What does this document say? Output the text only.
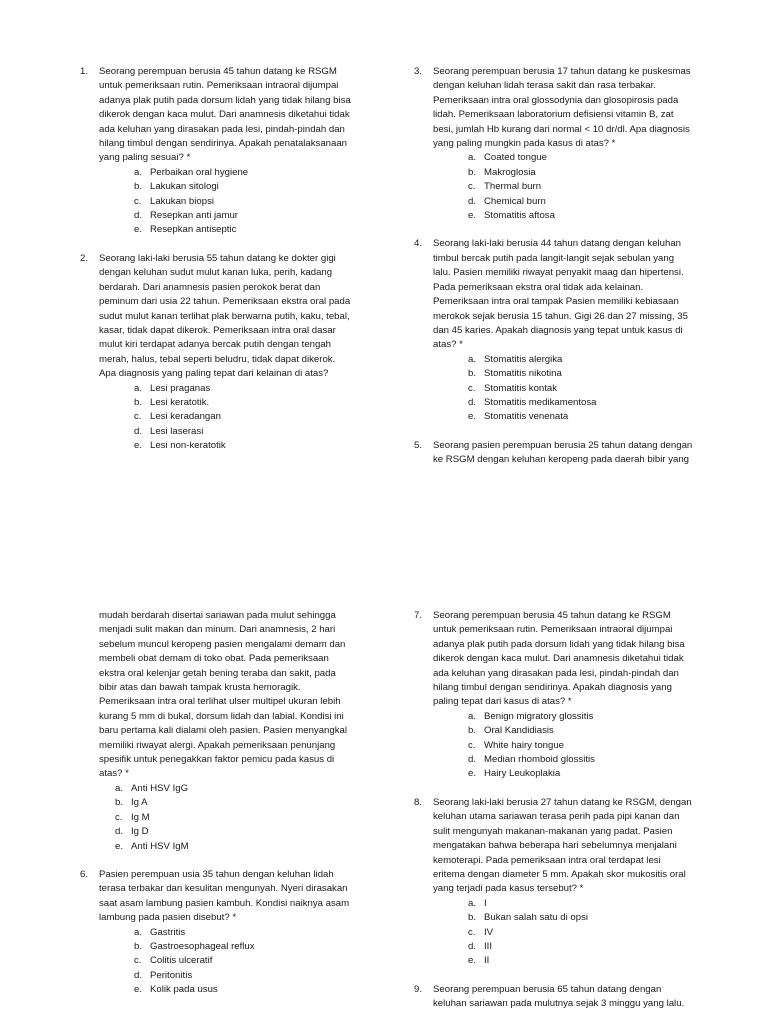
1. Seorang perempuan berusia 45 tahun datang ke RSGM
untuk pemeriksaan rutin. Pemeriksaan intraoral dijumpai
adanya plak putih pada dorsum lidah yang tidak hilang bisa
dikerok dengan kaca mulut. Dari anamnesis diketahui tidak
ada keluhan yang dirasakan pada lesi, pindah-pindah dan
hilang timbul dengan sendirinya. Apakah penatalaksanaan
yang paling sesuai? *
a. Perbaikan oral hygiene
b. Lakukan sitologi
c. Lakukan biopsi
d. Resepkan anti jamur
e. Resepkan antiseptic
2. Seorang laki-laki berusia 55 tahun datang ke dokter gigi
dengan keluhan sudut mulut kanan luka, perih, kadang
berdarah. Dari anamnesis pasien perokok berat dan
peminum dari usia 22 tahun. Pemeriksaan ekstra oral pada
sudut mulut kanan terlihat plak berwarna putih, kaku, tebal,
kasar, tidak dapat dikerok. Pemeriksaan intra oral dasar
mulut kiri terdapat adanya bercak putih dengan tengah
merah, halus, tebal seperti beludru, tidak dapat dikerok.
Apa diagnosis yang paling tepat dari kelainan di atas?
a. Lesi praganas
b. Lesi keratotik.
c. Lesi keradangan
d. Lesi laserasi
e. Lesi non-keratotik
3. Seorang perempuan berusia 17 tahun datang ke puskesmas
dengan keluhan lidah terasa sakit dan rasa terbakar.
Pemeriksaan intra oral glossodynia dan glosopirosis pada
lidah. Pemeriksaan laboratorium defisiensi vitamin B, zat
besi, jumlah Hb kurang dari normal < 10 dr/dl. Apa diagnosis
yang paling mungkin pada kasus di atas? *
a. Coated tongue
b. Makroglosia
c. Thermal burn
d. Chemical burn
e. Stomatitis aftosa
4. Seorang laki-laki berusia 44 tahun datang dengan keluhan
timbul bercak putih pada langit-langit sejak sebulan yang
lalu. Pasien memiliki riwayat penyakit maag dan hipertensi.
Pada pemeriksaan ekstra oral tidak ada kelainan.
Pemeriksaan intra oral tampak Pasien memiliki kebiasaan
merokok sejak berusia 15 tahun. Gigi 26 dan 27 missing, 35
dan 45 karies. Apakah diagnosis yang tepat untuk kasus di
atas? *
a. Stomatitis alergika
b. Stomatitis nikotina
c. Stomatitis kontak
d. Stomatitis medikamentosa
e. Stomatitis venenata
5. Seorang pasien perempuan berusia 25 tahun datang dengan
ke RSGM dengan keluhan keropeng pada daerah bibir yang
mudah berdarah disertai sariawan pada mulut sehingga
menjadi sulit makan dan minum. Dari anamnesis, 2 hari
sebelum muncul keropeng pasien mengalami demam dan
membeli obat demam di toko obat. Pada pemeriksaan
ekstra oral kelenjar getah bening teraba dan sakit, pada
bibir atas dan bawah tampak krusta hemoragik.
Pemeriksaan intra oral terlihat ulser multipel ukuran lebih
kurang 5 mm di bukal, dorsum lidah dan labial. Kondisi ini
baru pertama kali dialami oleh pasien. Pasien menyangkal
memiliki riwayat alergi. Apakah pemeriksaan penunjang
spesifik untuk penegakkan faktor pemicu pada kasus di
atas? *
a. Anti HSV IgG
b. Ig A
c. Ig M
d. Ig D
e. Anti HSV IgM
6. Pasien perempuan usia 35 tahun dengan keluhan lidah
terasa terbakar dan kesulitan mengunyah. Nyeri dirasakan
saat asam lambung pasien kambuh. Kondisi naiknya asam
lambung pada pasien disebut? *
a. Gastritis
b. Gastroesophageal reflux
c. Colitis ulceratif
d. Peritonitis
e. Kolik pada usus
7. Seorang perempuan berusia 45 tahun datang ke RSGM
untuk pemeriksaan rutin. Pemeriksaan intraoral dijumpai
adanya plak putih pada dorsum lidah yang tidak hilang bisa
dikerok dengan kaca mulut. Dari anamnesis diketahui tidak
ada keluhan yang dirasakan pada lesi, pindah-pindah dan
hilang timbul dengan sendirinya. Apakah diagnosis yang
paling tepat dari kasus di atas? *
a. Benign migratory glossitis
b. Oral Kandidiasis
c. White hairy tongue
d. Median rhomboid glossitis
e. Hairy Leukoplakia
8. Seorang laki-laki berusia 27 tahun datang ke RSGM, dengan
keluhan utama sariawan terasa perih pada pipi kanan dan
sulit mengunyah makanan-makanan yang padat. Pasien
mengatakan bahwa beberapa hari sebelumnya menjalani
kemoterapi. Pada pemeriksaan intra oral terdapat lesi
eritema dengan diameter 5 mm. Apakah skor mukositis oral
yang terjadi pada kasus tersebut? *
a. I
b. Bukan salah satu di opsi
c. IV
d. III
e. II
9. Seorang perempuan berusia 65 tahun datang dengan
keluhan sariawan pada mulutnya sejak 3 minggu yang lalu.
